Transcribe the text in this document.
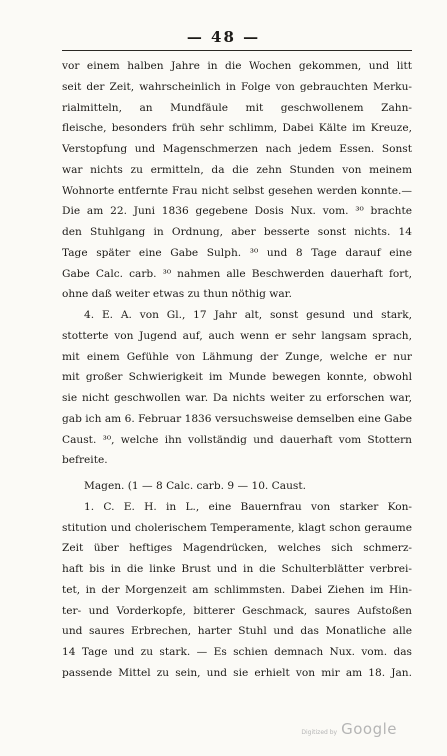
— 48 —
vor einem halben Jahre in die Wochen gekommen, und litt
seit der Zeit, wahrscheinlich in Folge von gebrauchten Merku-
rialmitteln, an Mundfäule mit geschwollenem Zahn-
fleische, besonders früh sehr schlimm, Dabei Kälte im Kreuze,
Verstopfung und Magenschmerzen nach jedem Essen. Sonst
war nichts zu ermitteln, da die zehn Stunden von meinem
Wohnorte entfernte Frau nicht selbst gesehen werden konnte.—
Die am 22. Juni 1836 gegebene Dosis Nux. vom. ³⁰ brachte
den Stuhlgang in Ordnung, aber besserte sonst nichts. 14
Tage später eine Gabe Sulph. ³⁰ und 8 Tage darauf eine
Gabe Calc. carb. ³⁰ nahmen alle Beschwerden dauerhaft fort,
ohne daß weiter etwas zu thun nöthig war.
4. E. A. von Gl., 17 Jahr alt, sonst gesund und stark,
stotterte von Jugend auf, auch wenn er sehr langsam sprach,
mit einem Gefühle von Lähmung der Zunge, welche er nur
mit großer Schwierigkeit im Munde bewegen konnte, obwohl
sie nicht geschwollen war. Da nichts weiter zu erforschen war,
gab ich am 6. Februar 1836 versuchsweise demselben eine Gabe
Caust. ³⁰, welche ihn vollständig und dauerhaft vom Stottern
befreite.
Magen. (1 — 8 Calc. carb. 9 — 10. Caust.
1. C. E. H. in L., eine Bauernfrau von starker Kon-
stitution und cholerischem Temperamente, klagt schon geraume
Zeit über heftiges Magendrücken, welches sich schmerz-
haft bis in die linke Brust und in die Schulterblätter verbrei-
tet, in der Morgenzeit am schlimmsten. Dabei Ziehen im Hin-
ter- und Vorderkopfe, bitterer Geschmack, saures Aufstoßen
und saures Erbrechen, harter Stuhl und das Monatliche alle
14 Tage und zu stark. — Es schien demnach Nux. vom. das
passende Mittel zu sein, und sie erhielt von mir am 18. Jan.
Digitized by Google
